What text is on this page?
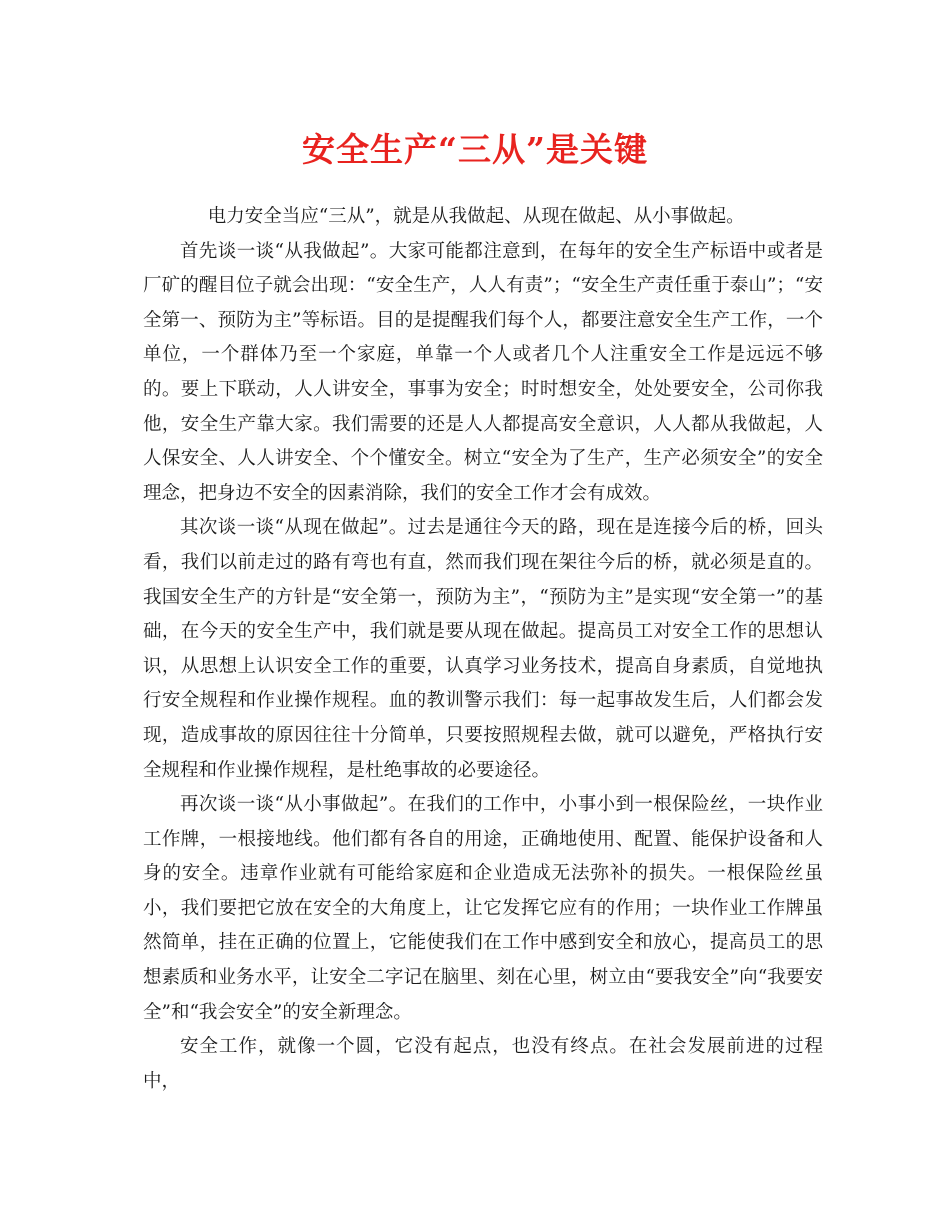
安全生产“三从”是关键

电力安全当应“三从”，就是从我做起、从现在做起、从小事做起。

首先谈一谈“从我做起”。大家可能都注意到，在每年的安全生产标语中或者是厂矿的醒目位子就会出现：“安全生产，人人有责”；“安全生产责任重于泰山”；“安全第一、预防为主”等标语。目的是提醒我们每个人，都要注意安全生产工作，一个单位，一个群体乃至一个家庭，单靠一个人或者几个人注重安全工作是远远不够的。要上下联动，人人讲安全，事事为安全；时时想安全，处处要安全，公司你我他，安全生产靠大家。我们需要的还是人人都提高安全意识，人人都从我做起，人人保安全、人人讲安全、个个懂安全。树立“安全为了生产，生产必须安全”的安全理念，把身边不安全的因素消除，我们的安全工作才会有成效。

其次谈一谈“从现在做起”。过去是通往今天的路，现在是连接今后的桥，回头看，我们以前走过的路有弯也有直，然而我们现在架往今后的桥，就必须是直的。我国安全生产的方针是“安全第一，预防为主”，“预防为主”是实现“安全第一”的基础，在今天的安全生产中，我们就是要从现在做起。提高员工对安全工作的思想认识，从思想上认识安全工作的重要，认真学习业务技术，提高自身素质，自觉地执行安全规程和作业操作规程。血的教训警示我们：每一起事故发生后，人们都会发现，造成事故的原因往往十分简单，只要按照规程去做，就可以避免，严格执行安全规程和作业操作规程，是杜绝事故的必要途径。

再次谈一谈“从小事做起”。在我们的工作中，小事小到一根保险丝，一块作业工作牌，一根接地线。他们都有各自的用途，正确地使用、配置、能保护设备和人身的安全。违章作业就有可能给家庭和企业造成无法弥补的损失。一根保险丝虽小，我们要把它放在安全的大角度上，让它发挥它应有的作用；一块作业工作牌虽然简单，挂在正确的位置上，它能使我们在工作中感到安全和放心，提高员工的思想素质和业务水平，让安全二字记在脑里、刻在心里，树立由“要我安全”向“我要安全”和“我会安全”的安全新理念。

安全工作，就像一个圆，它没有起点，也没有终点。在社会发展前进的过程中，
